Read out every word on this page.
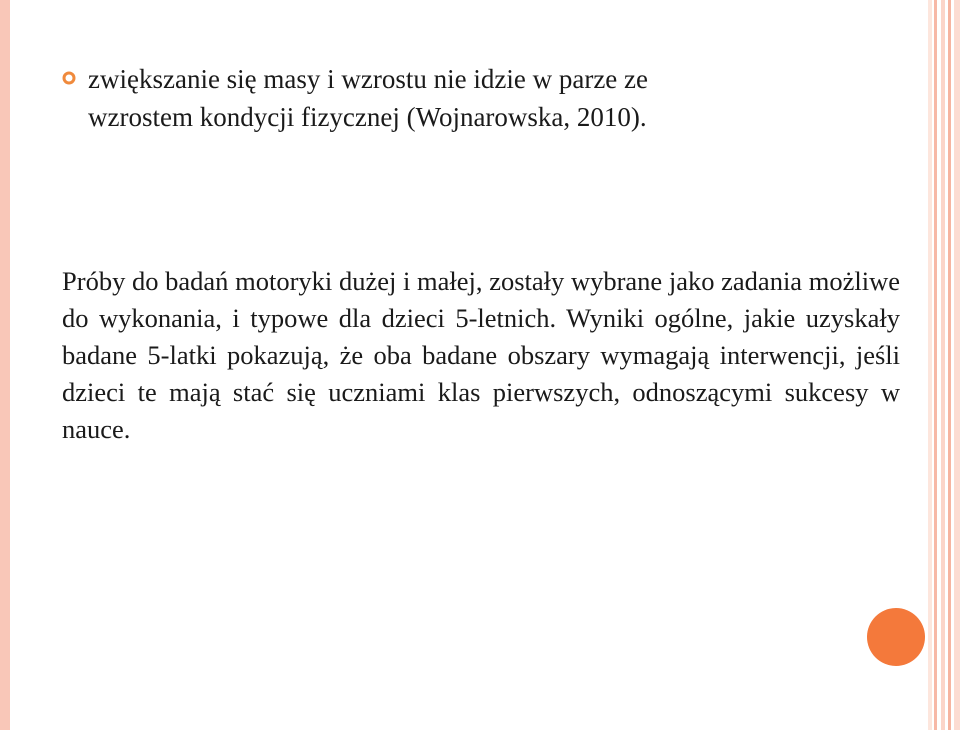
zwiększanie się masy i wzrostu nie idzie w parze ze
wzrostem kondycji fizycznej (Wojnarowska, 2010).
Próby do badań motoryki dużej i małej, zostały wybrane jako zadania możliwe do wykonania, i typowe dla dzieci 5-letnich. Wyniki ogólne, jakie uzyskały badane 5-latki pokazują, że oba badane obszary wymagają interwencji, jeśli dzieci te mają stać się uczniami klas pierwszych, odnoszącymi sukcesy w nauce.
